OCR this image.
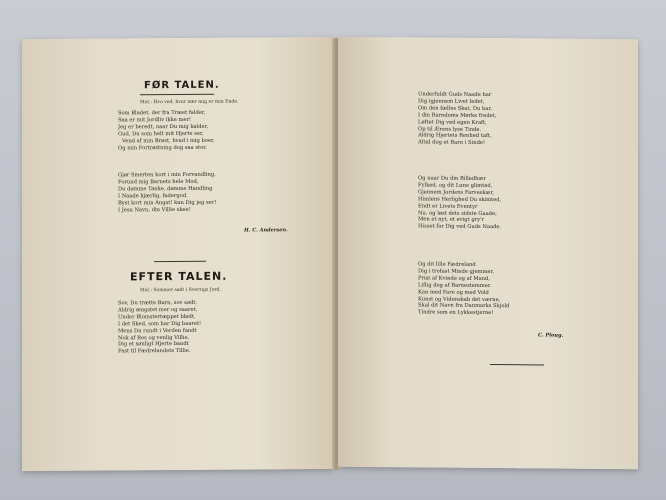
FØR TALEN.
Mel.: Hvo ved, hvor nær mig er min Ende.
Som Bladet, der fra Træet falder,
Saa er mit Jordliv ikke mer!
Jeg er beredt, naar Du mig kalder,
Gud, Du som helt mit Hjerte ser,
Vend af min Brøst, hvad i mig boer,
Og min Fortrøstning dog saa stor.
Gjør Smerten kort i min Forvandling,
Forund mig Barnets hele Mod,
Du dømme Tanke, dømme Handling
I Naade kjærlig, fadergod.
Byst kort min Angst! kun Dig jeg ser!
I Jesu Navn, din Villie skee!
H. C. Andersen.
EFTER TALEN.
Mel.: Sommer sødt i Sverrigs Jord.
Sov, Du trætte Barn, sov sødt,
Aldrig ængstet mer og saaret,
Under Blomstertæppet blødt,
I det Sked, som har Dig baaret!
Mens Du rundt i Verden fandt
Nok af Ros og venlig Villie,
Dig et sønligt Hjerte bandt
Fast til Fædrelandets Tillie.
Underfuldt Guds Naade har
Dig igjennem Livet ledet,
Om den fælles Skat, Du bar,
I din Barndoms Mørke fredet,
Løftet Dig ved egen Kraft,
Op til Ærens lyse Tinde.
Aldrig Hjertets Renhed taft,
Altid dog et Barn i Sinde!
Og naar Du din Billedhær
Fylked, og dit Lune glimted,
Gjennem Jordens Farveskær,
Himlens Herlighed Du skimted,
Endt er Livets Eventyr
Nu, og løst dets sidste Gaade;
Men et nyt, et evigt gry'r
Hisset for Dig ved Guds Naade.
Og dit lille Fædreland
Dig i trofast Minde gjemmer,
Prist af Kvinde og af Mand,
Liflig dog af Barnestemmer.
Kan med Fare og med Vold
Kunst og Videnskab det værne,
Skal dit Navn fra Danmarks Skjold
Tindre som en Lykkestjerne!
C. Ploug.
